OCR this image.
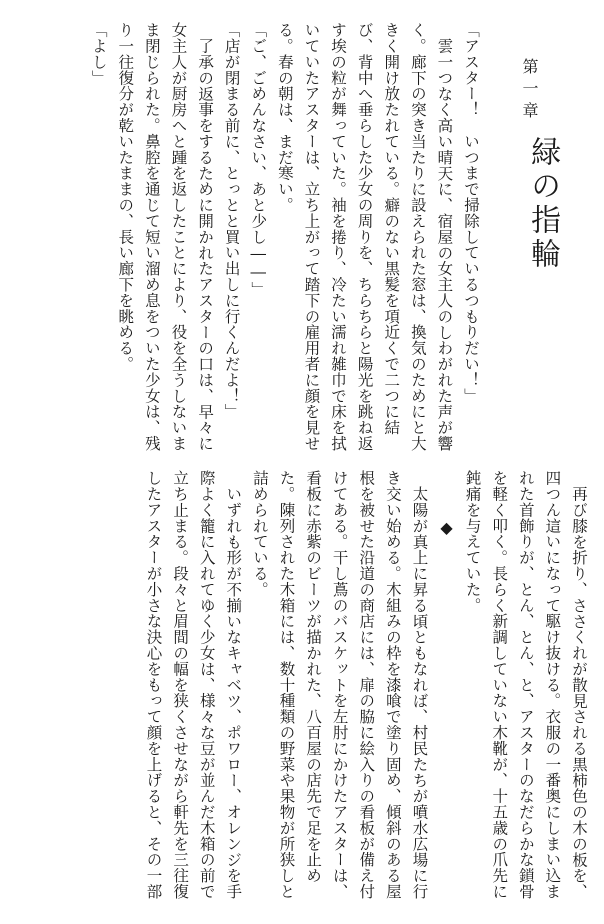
第一章
緑の指輪

「アスター！　いつまで掃除しているつもりだい！」

雲一つなく高い晴天に、宿屋の女主人のしわがれた声が響く。廊下の突き当たりに設えられた窓は、換気のためにと大きく開け放たれている。癖のない黒髪を項近くで二つに結び、背中へ垂らした少女の周りを、ちらちらと陽光を跳ね返す埃の粒が舞っていた。袖を捲り、冷たい濡れ雑巾で床を拭いていたアスターは、立ち上がって踏下の雇用者に顔を見せる。春の朝は、まだ寒い。

「ご、ごめんなさい、あと少し――」

「店が閉まる前に、とっとと買い出しに行くんだよ！」

了承の返事をするために開かれたアスターの口は、早々に女主人が厨房へと踵を返したことにより、役を全うしないまま閉じられた。鼻腔を通じて短い溜め息をついた少女は、残り一往復分が乾いたままの、長い廊下を眺める。

「よし」

再び膝を折り、ささくれが散見される黒柿色の木の板を、四つん這いになって駆け抜ける。衣服の一番奥にしまい込まれた首飾りが、とん、とん、と、アスターのなだらかな鎖骨を軽く叩く。長らく新調していない木靴が、十五歳の爪先に鈍痛を与えていた。

◆

太陽が真上に昇る頃ともなれば、村民たちが噴水広場に行き交い始める。木組みの枠を漆喰で塗り固め、傾斜のある屋根を被せた沿道の商店には、扉の脇に絵入りの看板が備え付けてある。干し蔦のバスケットを左肘にかけたアスターは、看板に赤紫のビーツが描かれた、八百屋の店先で足を止めた。陳列された木箱には、数十種類の野菜や果物が所狭しと詰められている。

いずれも形が不揃いなキャベツ、ポワロー、オレンジを手際よく籠に入れてゆく少女は、様々な豆が並んだ木箱の前で立ち止まる。段々と眉間の幅を狭くさせながら軒先を三往復したアスターが小さな決心をもって顔を上げると、その一部
